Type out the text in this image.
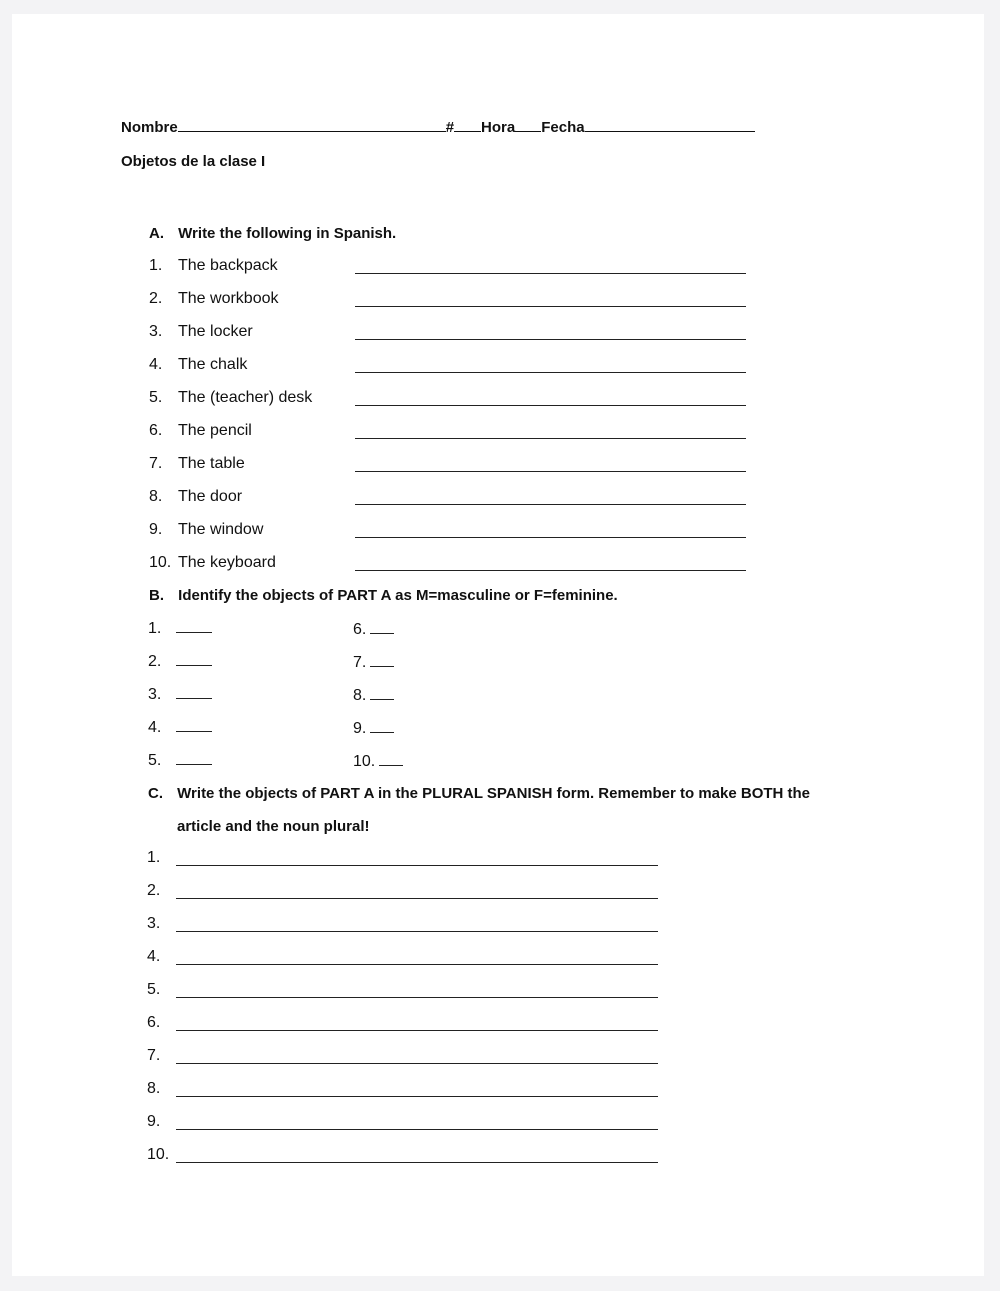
Nombre	# Hora Fecha
Objetos de la clase I
A. Write the following in Spanish.
1. The backpack
2. The workbook
3. The locker
4. The chalk
5. The (teacher) desk
6. The pencil
7. The table
8. The door
9. The window
10. The keyboard
B. Identify the objects of PART A as M=masculine or F=feminine.
1.	6.
2.	7.
3.	8.
4.	9.
5.	10.
C. Write the objects of PART A in the PLURAL SPANISH form. Remember to make BOTH the
article and the noun plural!
1.
2.
3.
4.
5.
6.
7.
8.
9.
10.
